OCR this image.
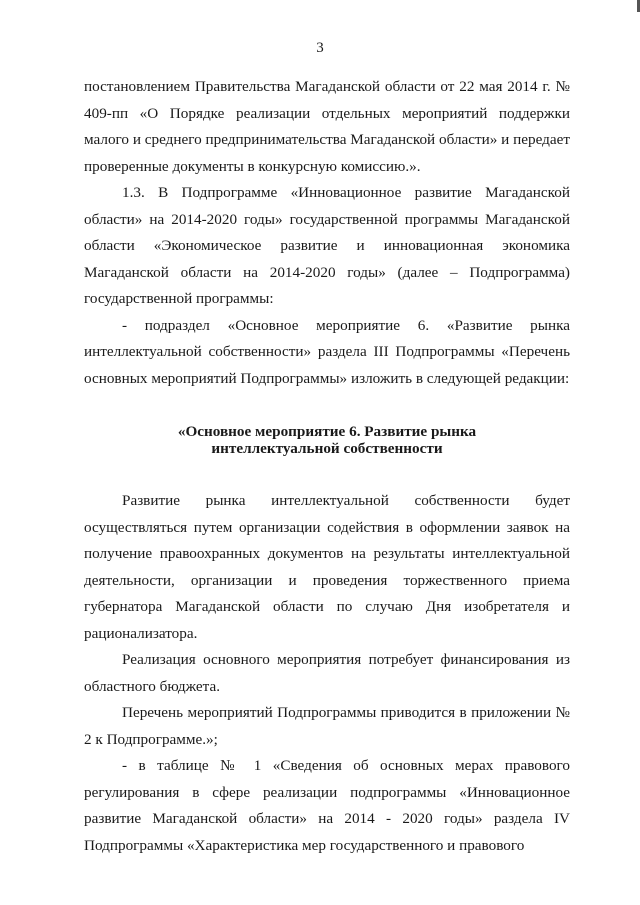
3

постановлением Правительства Магаданской области от 22 мая 2014 г. № 409-пп «О Порядке реализации отдельных мероприятий поддержки малого и среднего предпринимательства Магаданской области» и передает проверенные документы в конкурсную комиссию.».

1.3. В Подпрограмме «Инновационное развитие Магаданской области» на 2014-2020 годы» государственной программы Магаданской области «Экономическое развитие и инновационная экономика Магаданской области на 2014-2020 годы» (далее – Подпрограмма) государственной программы:

- подраздел «Основное мероприятие 6. «Развитие рынка интеллектуальной собственности» раздела III Подпрограммы «Перечень основных мероприятий Подпрограммы» изложить в следующей редакции:

«Основное мероприятие 6. Развитие рынка
интеллектуальной собственности

Развитие рынка интеллектуальной собственности будет осуществляться путем организации содействия в оформлении заявок на получение правоохранных документов на результаты интеллектуальной деятельности, организации и проведения торжественного приема губернатора Магаданской области по случаю Дня изобретателя и рационализатора.

Реализация основного мероприятия потребует финансирования из областного бюджета.

Перечень мероприятий Подпрограммы приводится в приложении № 2 к Подпрограмме.»;

- в таблице № 1 «Сведения об основных мерах правового регулирования в сфере реализации подпрограммы «Инновационное развитие Магаданской области» на 2014 - 2020 годы» раздела IV Подпрограммы «Характеристика мер государственного и правового
